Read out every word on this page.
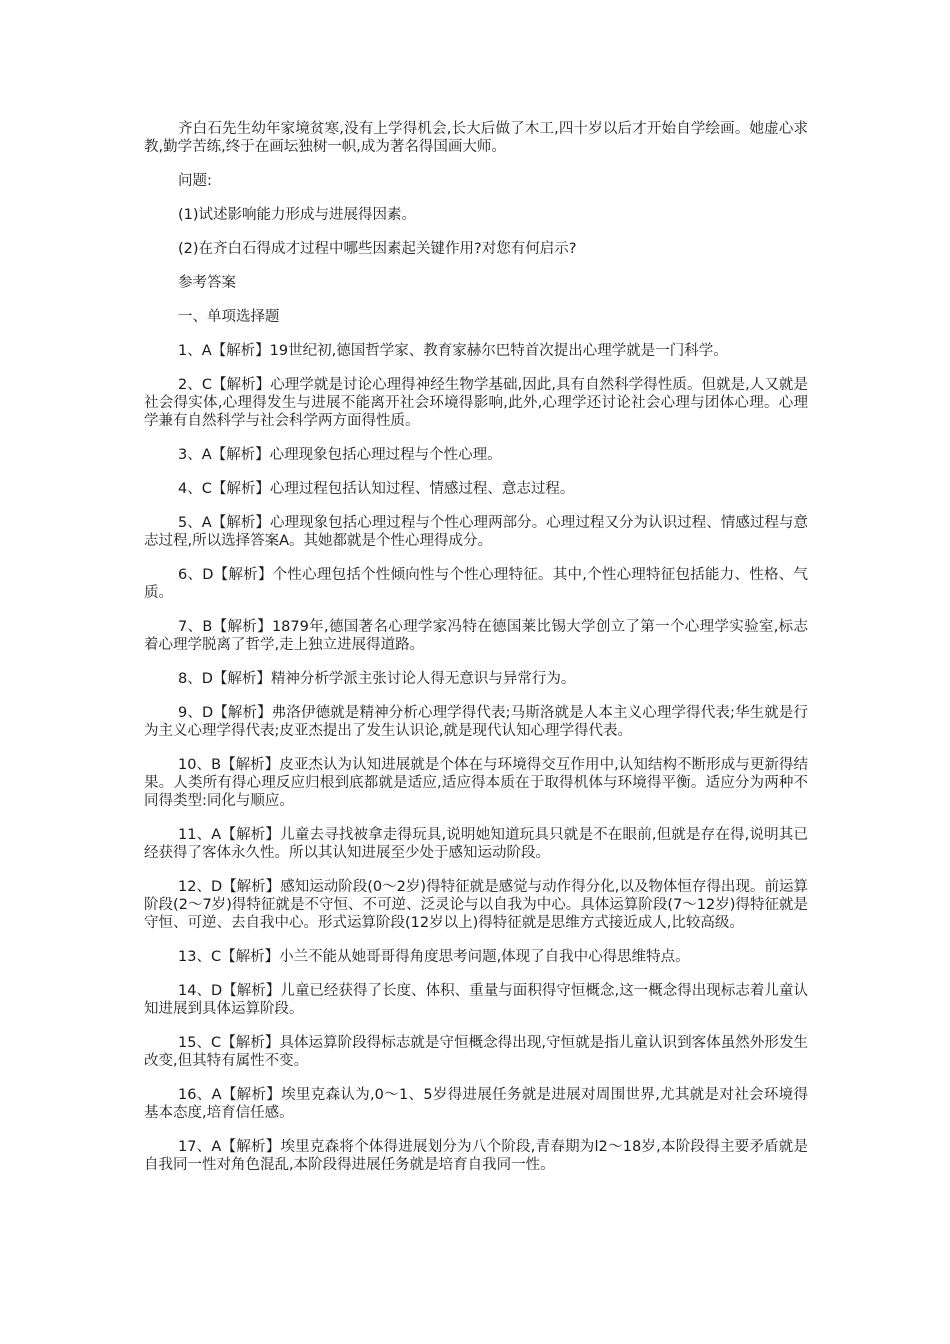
齐白石先生幼年家境贫寒,没有上学得机会,长大后做了木工,四十岁以后才开始自学绘画。她虚心求教,勤学苦练,终于在画坛独树一帜,成为著名得国画大师。

问题:

(1)试述影响能力形成与进展得因素。

(2)在齐白石得成才过程中哪些因素起关键作用?对您有何启示?

参考答案

一、单项选择题

1、A【解析】19世纪初,德国哲学家、教育家赫尔巴特首次提出心理学就是一门科学。

2、C【解析】心理学就是讨论心理得神经生物学基础,因此,具有自然科学得性质。但就是,人又就是社会得实体,心理得发生与进展不能离开社会环境得影响,此外,心理学还讨论社会心理与团体心理。心理学兼有自然科学与社会科学两方面得性质。

3、A【解析】心理现象包括心理过程与个性心理。

4、C【解析】心理过程包括认知过程、情感过程、意志过程。

5、A【解析】心理现象包括心理过程与个性心理两部分。心理过程又分为认识过程、情感过程与意志过程,所以选择答案A。其她都就是个性心理得成分。

6、D【解析】个性心理包括个性倾向性与个性心理特征。其中,个性心理特征包括能力、性格、气质。

7、B【解析】1879年,德国著名心理学家冯特在德国莱比锡大学创立了第一个心理学实验室,标志着心理学脱离了哲学,走上独立进展得道路。

8、D【解析】精神分析学派主张讨论人得无意识与异常行为。

9、D【解析】弗洛伊德就是精神分析心理学得代表;马斯洛就是人本主义心理学得代表;华生就是行为主义心理学得代表;皮亚杰提出了发生认识论,就是现代认知心理学得代表。

10、B【解析】皮亚杰认为认知进展就是个体在与环境得交互作用中,认知结构不断形成与更新得结果。人类所有得心理反应归根到底都就是适应,适应得本质在于取得机体与环境得平衡。适应分为两种不同得类型:同化与顺应。

11、A【解析】儿童去寻找被拿走得玩具,说明她知道玩具只就是不在眼前,但就是存在得,说明其已经获得了客体永久性。所以其认知进展至少处于感知运动阶段。

12、D【解析】感知运动阶段(0～2岁)得特征就是感觉与动作得分化,以及物体恒存得出现。前运算阶段(2～7岁)得特征就是不守恒、不可逆、泛灵论与以自我为中心。具体运算阶段(7～12岁)得特征就是守恒、可逆、去自我中心。形式运算阶段(12岁以上)得特征就是思维方式接近成人,比较高级。

13、C【解析】小兰不能从她哥哥得角度思考问题,体现了自我中心得思维特点。

14、D【解析】儿童已经获得了长度、体积、重量与面积得守恒概念,这一概念得出现标志着儿童认知进展到具体运算阶段。

15、C【解析】具体运算阶段得标志就是守恒概念得出现,守恒就是指儿童认识到客体虽然外形发生改变,但其特有属性不变。

16、A【解析】埃里克森认为,0～1、5岁得进展任务就是进展对周围世界,尤其就是对社会环境得基本态度,培育信任感。

17、A【解析】埃里克森将个体得进展划分为八个阶段,青春期为l2～18岁,本阶段得主要矛盾就是自我同一性对角色混乱,本阶段得进展任务就是培育自我同一性。
